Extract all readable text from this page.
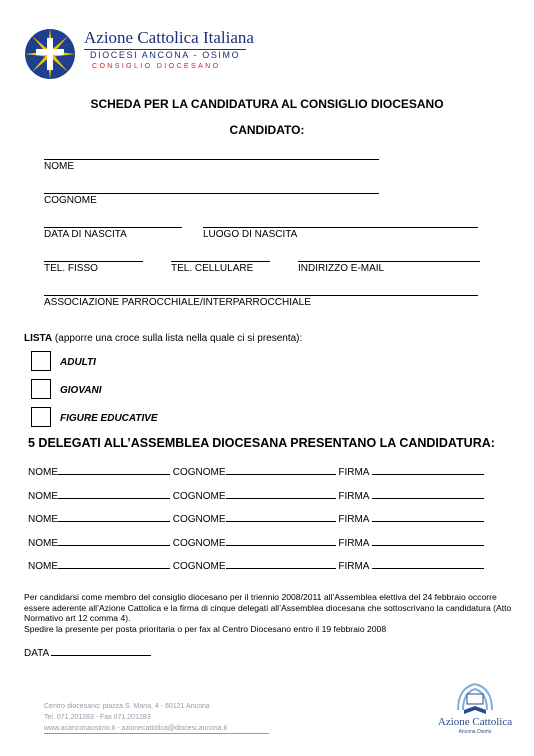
Azione Cattolica Italiana
DIOCESI ANCONA - OSIMO
CONSIGLIO DIOCESANO
SCHEDA PER LA CANDIDATURA AL CONSIGLIO DIOCESANO
CANDIDATO:
NOME
COGNOME
DATA DI NASCITA	LUOGO DI NASCITA
TEL. FISSO	TEL. CELLULARE	INDIRIZZO E-MAIL
ASSOCIAZIONE PARROCCHIALE/INTERPARROCCHIALE
LISTA (apporre una croce sulla lista nella quale ci si presenta):
ADULTI
GIOVANI
FIGURE EDUCATIVE
5 DELEGATI ALL’ASSEMBLEA DIOCESANA PRESENTANO LA CANDIDATURA:
NOME	COGNOME	FIRMA
NOME	COGNOME	FIRMA
NOME	COGNOME	FIRMA
NOME	COGNOME	FIRMA
NOME	COGNOME	FIRMA
Per candidarsi come membro del consiglio diocesano per il triennio 2008/2011 all’Assemblea elettiva del 24 febbraio occorre essere aderente all’Azione Cattolica e la firma di cinque delegati all’Assemblea diocesana che sottoscrivano la candidatura (Atto Normativo art 12 comma 4).
Spedire la presente per posta prioritaria o per fax al Centro Diocesano entro il 19 febbraio 2008
DATA
Centro diocesano: piazza S. Maria, 4 - 60121 Ancona
Tel. 071.201283 - Fax 071.201283
www.acanconaosimo.it - azionecattolica@diocesi.ancona.it
Azione Cattolica
Ancona Osimo
